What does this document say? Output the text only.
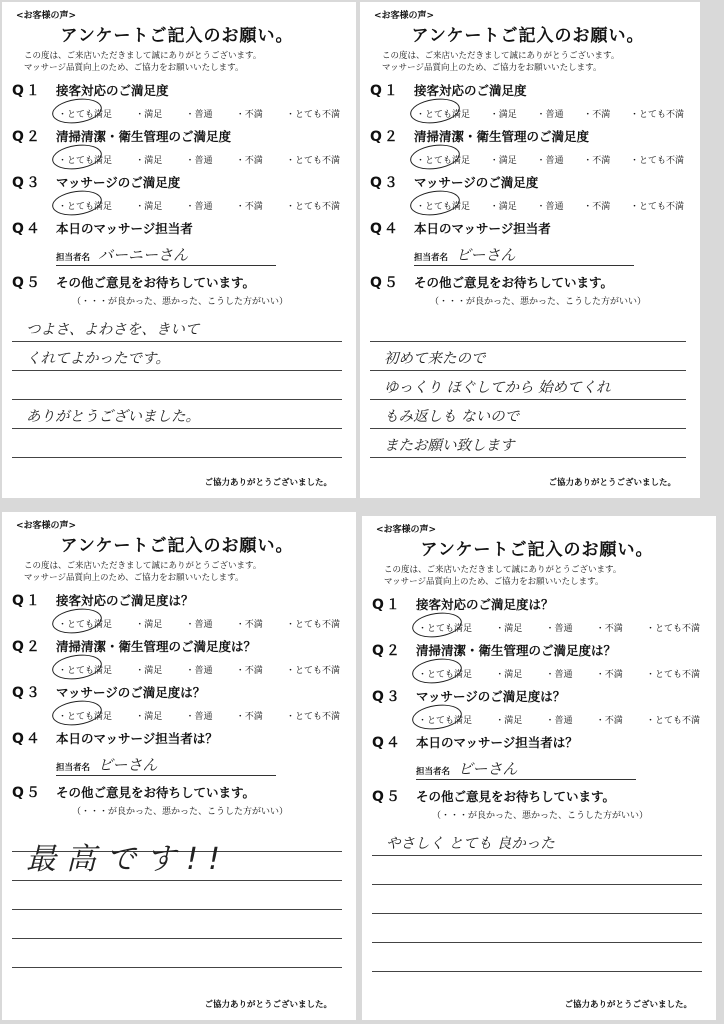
<お客様の声>
アンケートご記入のお願い。
この度は、ご来店いただきまして誠にありがとうございます。
マッサージ品質向上のため、ご協力をお願いいたします。
Q１	接客対応のご満足度
・とても満足	・満足	・普通	・不満	・とても不満
Q２	清掃清潔・衛生管理のご満足度
・とても満足	・満足	・普通	・不満	・とても不満
Q３	マッサージのご満足度
・とても満足	・満足	・普通	・不満	・とても不満
Q４	本日のマッサージ担当者
担当者名 バーニーさん
Q５	その他ご意見をお待ちしています。
（・・・が良かった、悪かった、こうした方がいい）
つよさ、よわさを、きいて
くれてよかったです。
ありがとうございました。
ご協力ありがとうございました。
<お客様の声>
アンケートご記入のお願い。
この度は、ご来店いただきまして誠にありがとうございます。
マッサージ品質向上のため、ご協力をお願いいたします。
Q１	接客対応のご満足度
・とても満足 ・満足 ・普通 ・不満 ・とても不満
Q２	清掃清潔・衛生管理のご満足度
・とても満足 ・満足 ・普通 ・不満 ・とても不満
Q３	マッサージのご満足度
・とても満足 ・満足 ・普通 ・不満 ・とても不満
Q４	本日のマッサージ担当者
担当者名 ビーさん
Q５	その他ご意見をお待ちしています。
（・・・が良かった、悪かった、こうした方がいい）
初めて来たので
ゆっくり ほぐしてから 始めてくれ
もみ返しも ないので
またお願い致します
ご協力ありがとうございました。
<お客様の声>
アンケートご記入のお願い。
この度は、ご来店いただきまして誠にありがとうございます。
マッサージ品質向上のため、ご協力をお願いいたします。
Q１	接客対応のご満足度は？
・とても満足	・満足	・普通	・不満	・とても不満
Q２	清掃清潔・衛生管理のご満足度は？
・とても満足	・満足	・普通	・不満	・とても不満
Q３	マッサージのご満足度は？
・とても満足	・満足	・普通	・不満	・とても不満
Q４	本日のマッサージ担当者は？
担当者名 ビーさん
Q５	その他ご意見をお待ちしています。
（・・・が良かった、悪かった、こうした方がいい）
最高です!!
ご協力ありがとうございました。
<お客様の声>
アンケートご記入のお願い。
この度は、ご来店いただきまして誠にありがとうございます。
マッサージ品質向上のため、ご協力をお願いいたします。
Q１	接客対応のご満足度は？
・とても満足	・満足	・普通	・不満	・とても不満
Q２	清掃清潔・衛生管理のご満足度は？
・とても満足	・満足	・普通	・不満	・とても不満
Q３	マッサージのご満足度は？
・とても満足	・満足	・普通	・不満	・とても不満
Q４	本日のマッサージ担当者は？
担当者名 ビーさん
Q５	その他ご意見をお待ちしています。
（・・・が良かった、悪かった、こうした方がいい）
やさしく とても 良かった
ご協力ありがとうございました。
